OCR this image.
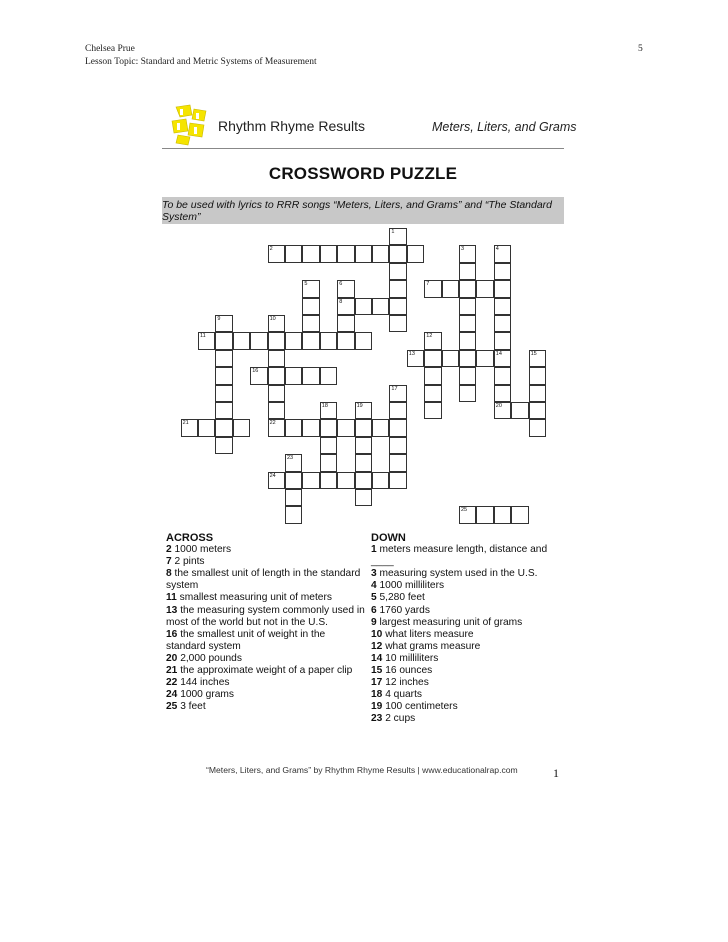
Chelsea Prue
Lesson Topic: Standard and Metric Systems of Measurement
5
Rhythm Rhyme Results	Meters, Liters, and Grams
CROSSWORD PUZZLE
To be used with lyrics to RRR songs “Meters, Liters, and Grams” and “The Standard System”
1
2	3	4
5	6
8
7
9	10
22
11	12
13	14
20
15
16
17
18	19
21
23
24
25
ACROSS
2 1000 meters
7 2 pints
8 the smallest unit of length in the standard system
11 smallest measuring unit of meters
13 the measuring system commonly used in most of the world but not in the U.S.
16 the smallest unit of weight in the standard system
20 2,000 pounds
21 the approximate weight of a paper clip
22 144 inches
24 1000 grams
25 3 feet
DOWN
1 meters measure length, distance and ____
3 measuring system used in the U.S.
4 1000 milliliters
5 5,280 feet
6 1760 yards
9 largest measuring unit of grams
10 what liters measure
12 what grams measure
14 10 milliliters
15 16 ounces
17 12 inches
18 4 quarts
19 100 centimeters
23 2 cups
“Meters, Liters, and Grams” by Rhythm Rhyme Results | www.educationalrap.com	1
